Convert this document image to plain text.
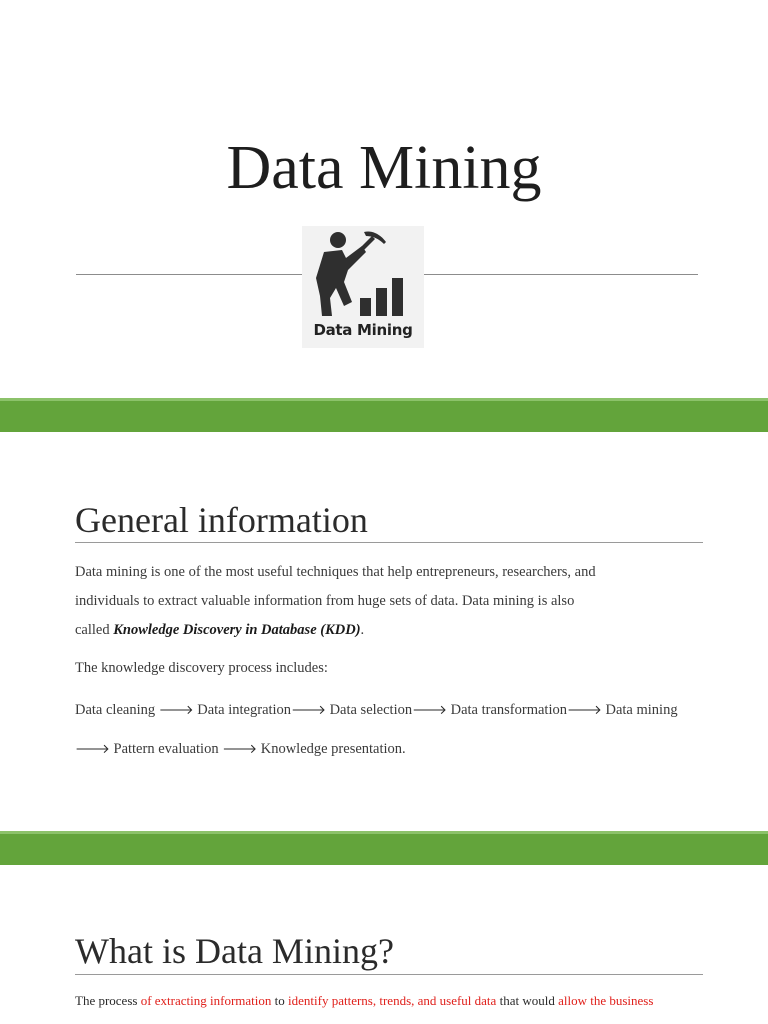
Data Mining
Data Mining
General information
Data mining is one of the most useful techniques that help entrepreneurs, researchers, and
individuals to extract valuable information from huge sets of data. Data mining is also
called Knowledge Discovery in Database (KDD).
The knowledge discovery process includes:
Data cleaning 🡒 Data integration🡒 Data selection🡒 Data transformation🡒 Data mining
🡒 Pattern evaluation 🡒 Knowledge presentation.
What is Data Mining?
The process of extracting information to identify patterns, trends, and useful data that would allow the business
